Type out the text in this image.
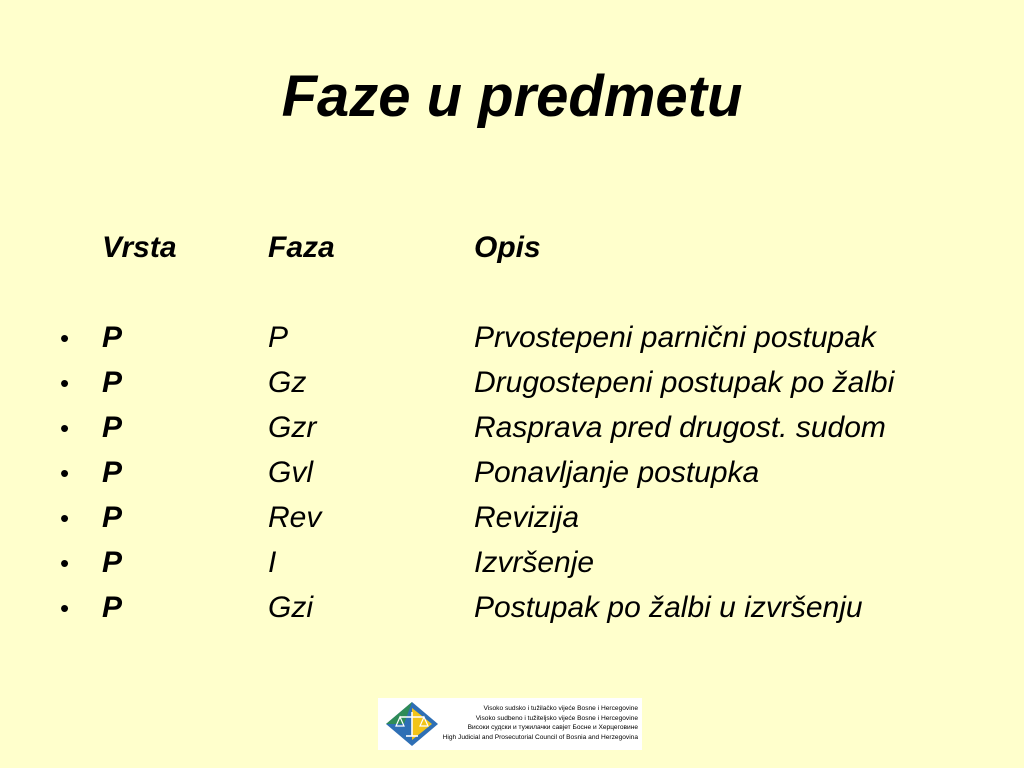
Faze u predmetu
Vrsta	Faza	Opis
• P	P	Prvostepeni parnični postupak
• P	Gz	Drugostepeni postupak po žalbi
• P	Gzr	Rasprava pred drugost. sudom
• P	Gvl	Ponavljanje postupka
• P	Rev	Revizija
• P	I	Izvršenje
• P	Gzi	Postupak po žalbi u izvršenju
Visoko sudsko i tužilačko vijeće Bosne i Hercegovine
Visoko sudbeno i tužiteljsko vijeće Bosne i Hercegovine
Високи судски и тужилачки савјет Босне и Херцеговине
High Judicial and Prosecutorial Council of Bosnia and Herzegovina
